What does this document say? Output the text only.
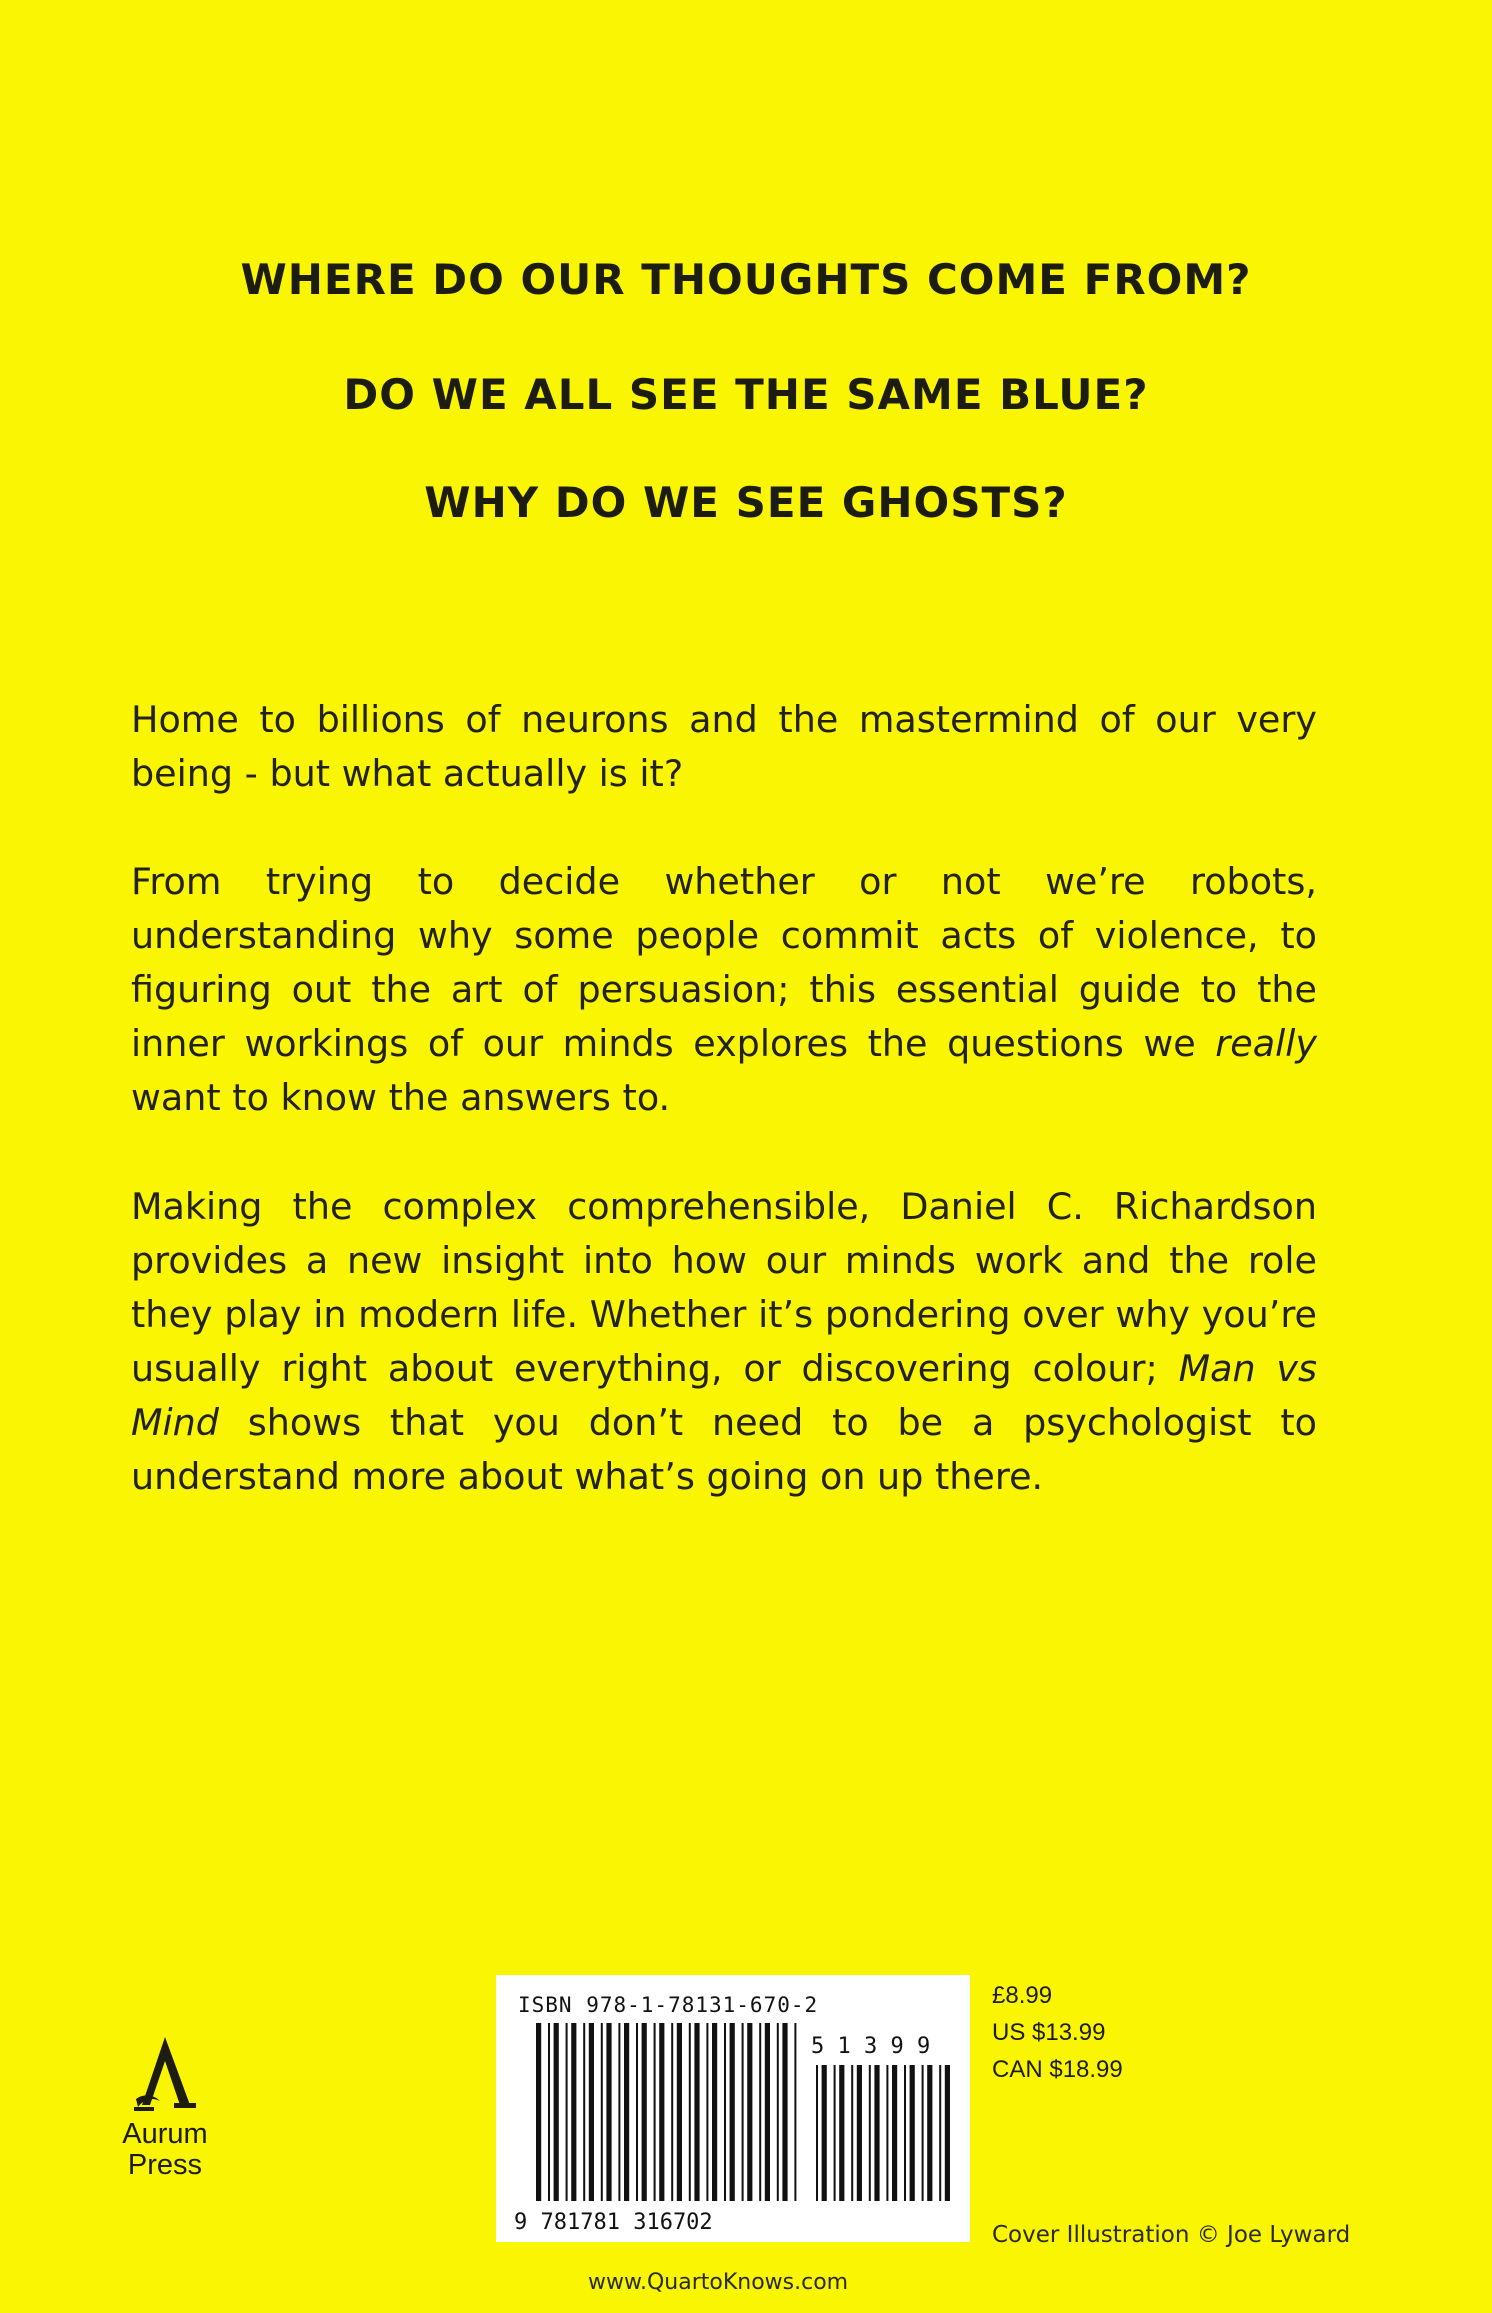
WHERE DO OUR THOUGHTS COME FROM?
DO WE ALL SEE THE SAME BLUE?
WHY DO WE SEE GHOSTS?
Home to billions of neurons and the mastermind of our very being - but what actually is it?
From trying to decide whether or not we’re robots, understanding why some people commit acts of violence, to figuring out the art of persuasion; this essential guide to the inner workings of our minds explores the questions we really want to know the answers to.
Making the complex comprehensible, Daniel C. Richardson provides a new insight into how our minds work and the role they play in modern life. Whether it’s pondering over why you’re usually right about everything, or discovering colour; Man vs Mind shows that you don’t need to be a psychologist to understand more about what’s going on up there.
Aurum
Press
ISBN 978-1-78131-670-2
5 1 3 9 9
9 781781 316702
£8.99
US $13.99
CAN $18.99
Cover Illustration © Joe Lyward
www.QuartoKnows.com
